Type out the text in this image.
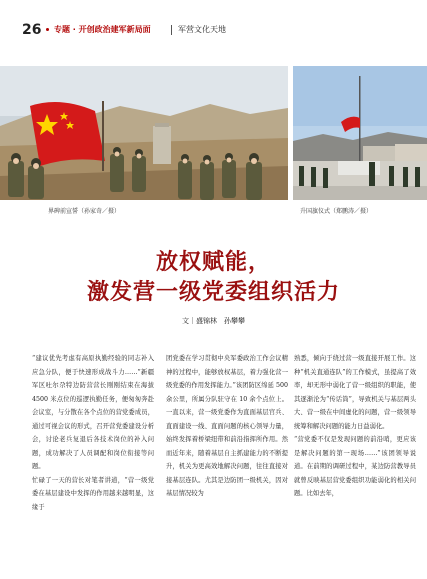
26 专题 · 开创政治建军新局面	军营文化天地
界碑前宣誓（孙家奇／摄）	升国旗仪式（郑鹏涛／摄）
放权赋能，
激发营一级党委组织活力
文｜盛锦林　孙攀攀

“建议优先考虑有高原执勤经验的同志补入应急分队，便于快速形成战斗力……”新疆军区吐尔尕特边防营营长刚刚结束在海拔 4500 米点位的巡逻执勤任务，便匆匆奔赴会议室，与分散在各个点位的营党委成员，通过可视会议的形式，召开营党委建设分析会，讨论老兵复退后各技术岗位的补入问题，成功解决了人员调配和岗位衔接等问题。

忙碌了一天的营长对笔者讲道，“营一级党委在基层建设中发挥的作用越来越明显，这缘于

团党委在学习贯彻中央军委政治工作会议精神的过程中，能够放权基层，着力强化营一级党委的作用发挥能力。”该团防区绵延 500 余公里，所属分队驻守在 10 余个点位上。一直以来，营一级党委作为直面基层官兵、直面建设一线、直面问题的核心领导力量，始终发挥着桥梁纽带和前沿指挥所作用。然而近年来，随着基层自主抓建能力的不断提升，机关为更高效地解决问题，往往直接对接基层连队。尤其是边防团一级机关，因对基层情况较为

熟悉，倾向于绕过营一级直接开展工作。这种“机关直通连队”的工作模式，虽提高了效率，却无形中弱化了营一级组织的职能，使其逐渐沦为“传话筒”，导致机关与基层两头大、营一级在中间虚化的问题，营一级领导统筹和解决问题的能力日益弱化。

“营党委不仅是发现问题的前沿哨，更应该是解决问题的第一现场……”该团领导说道。在前期的调研过程中，某边防营教导员就曾反映基层营党委组织功能弱化的相关问题。比如去年，
